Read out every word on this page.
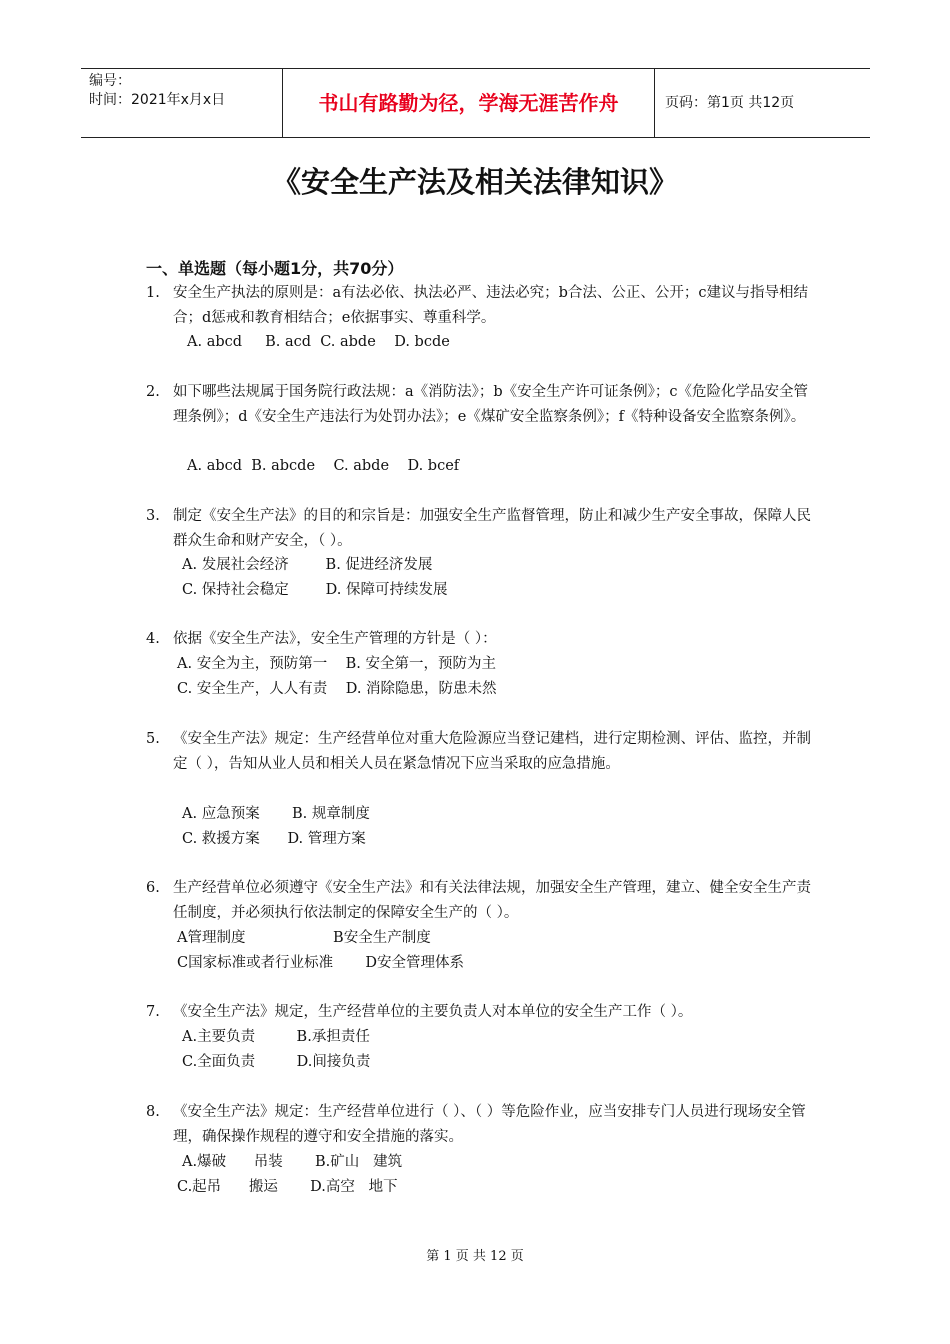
编号：
时间：2021年x月x日	书山有路勤为径，学海无涯苦作舟	页码：第1页 共12页
《安全生产法及相关法律知识》
一、单选题（每小题1分，共70分）
1. 安全生产执法的原则是：a有法必依、执法必严、违法必究；b合法、公正、公开；c建议与指导相结合；d惩戒和教育相结合；e依据事实、尊重科学。
A. abcd     B. acd  C. abde    D. bcde
2. 如下哪些法规属于国务院行政法规：a《消防法》；b《安全生产许可证条例》；c《危险化学品安全管理条例》；d《安全生产违法行为处罚办法》；e《煤矿安全监察条例》；f《特种设备安全监察条例》。
A. abcd  B. abcde    C. abde    D. bcef
3. 制定《安全生产法》的目的和宗旨是：加强安全生产监督管理，防止和减少生产安全事故，保障人民群众生命和财产安全，（ ）。
A. 发展社会经济        B. 促进经济发展
C. 保持社会稳定        D. 保障可持续发展
4. 依据《安全生产法》，安全生产管理的方针是（ ）：
A. 安全为主，预防第一    B. 安全第一，预防为主
C. 安全生产，人人有责    D. 消除隐患，防患未然
5. 《安全生产法》规定：生产经营单位对重大危险源应当登记建档，进行定期检测、评估、监控，并制定（ ），告知从业人员和相关人员在紧急情况下应当采取的应急措施。
A. 应急预案       B. 规章制度
C. 救援方案      D. 管理方案
6. 生产经营单位必须遵守《安全生产法》和有关法律法规，加强安全生产管理，建立、健全安全生产责任制度，并必须执行依法制定的保障安全生产的（ ）。
A管理制度                   B安全生产制度
C国家标准或者行业标准       D安全管理体系
7. 《安全生产法》规定，生产经营单位的主要负责人对本单位的安全生产工作（ ）。
A.主要负责         B.承担责任
C.全面负责         D.间接负责
8. 《安全生产法》规定：生产经营单位进行（ ）、（ ）等危险作业，应当安排专门人员进行现场安全管理，确保操作规程的遵守和安全措施的落实。
A.爆破      吊装       B.矿山   建筑
C.起吊      搬运       D.高空   地下
第 1 页 共 12 页
